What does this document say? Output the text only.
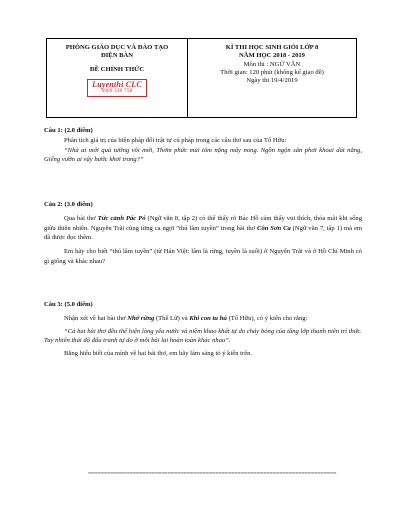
PHÒNG GIÁO DỤC VÀ ĐÀO TẠO
ĐIỆN BÀN
ĐỀ CHÍNH THỨC
Luyenthi CLC
0969 330 758
KÌ THI HỌC SINH GIỎI LỚP 8
NĂM HỌC 2018 - 2019
Môn thi : NGỮ VĂN
Thời gian: 120 phút (không kể giao đề)
Ngày thi 19/4/2019
Câu 1: (2.0 điểm)

Phân tích giá trị của biện pháp đối trật tự cú pháp trong các câu thơ sau của Tố Hữu:

“Nhà ai mới quá tường vôi mới, Thơm phức mùi tôm nặng mẩy nong. Ngồn ngộn sân phơi khoai dát nắng, Giếng vườn ai vậy bước khơi trong?”

Câu 2: (3.0 điểm)

Qua bài thơ Tức cảnh Pác Pó (Ngữ văn 8, tập 2) có thể thấy rõ Bác Hồ cảm thấy vui thích, thỏa mãi khi sống giữa thiên nhiên. Nguyễn Trãi cũng từng ca ngợi “thú lâm tuyền” trong bài thơ Côn Sơn Ca (Ngữ văn 7, tập 1) mà em đã được đọc thêm.

Em hãy cho biết “thú lâm tuyền” (từ Hán Việt: lâm là rừng, tuyền là suối) ở Nguyễn Trãi và ở Hồ Chí Minh có gì giống và khác nhau?

Câu 3: (5.0 điểm)

Nhận xét về hai bài thơ Nhớ rừng (Thế Lữ) và Khi con tu hú (Tố Hữu), có ý kiến cho rằng:

“Cả hai bài thơ đều thể hiện lòng yêu nước và niềm khao khát tự do cháy bỏng của tầng lớp thanh niên trí thức. Tuy nhiên thái độ đấu tranh tự do ở mỗi bài lại hoàn toàn khác nhau”.

Bằng hiểu biết của mình về hai bài thơ, em hãy làm sáng tỏ ý kiến trên.

==============================================================================
